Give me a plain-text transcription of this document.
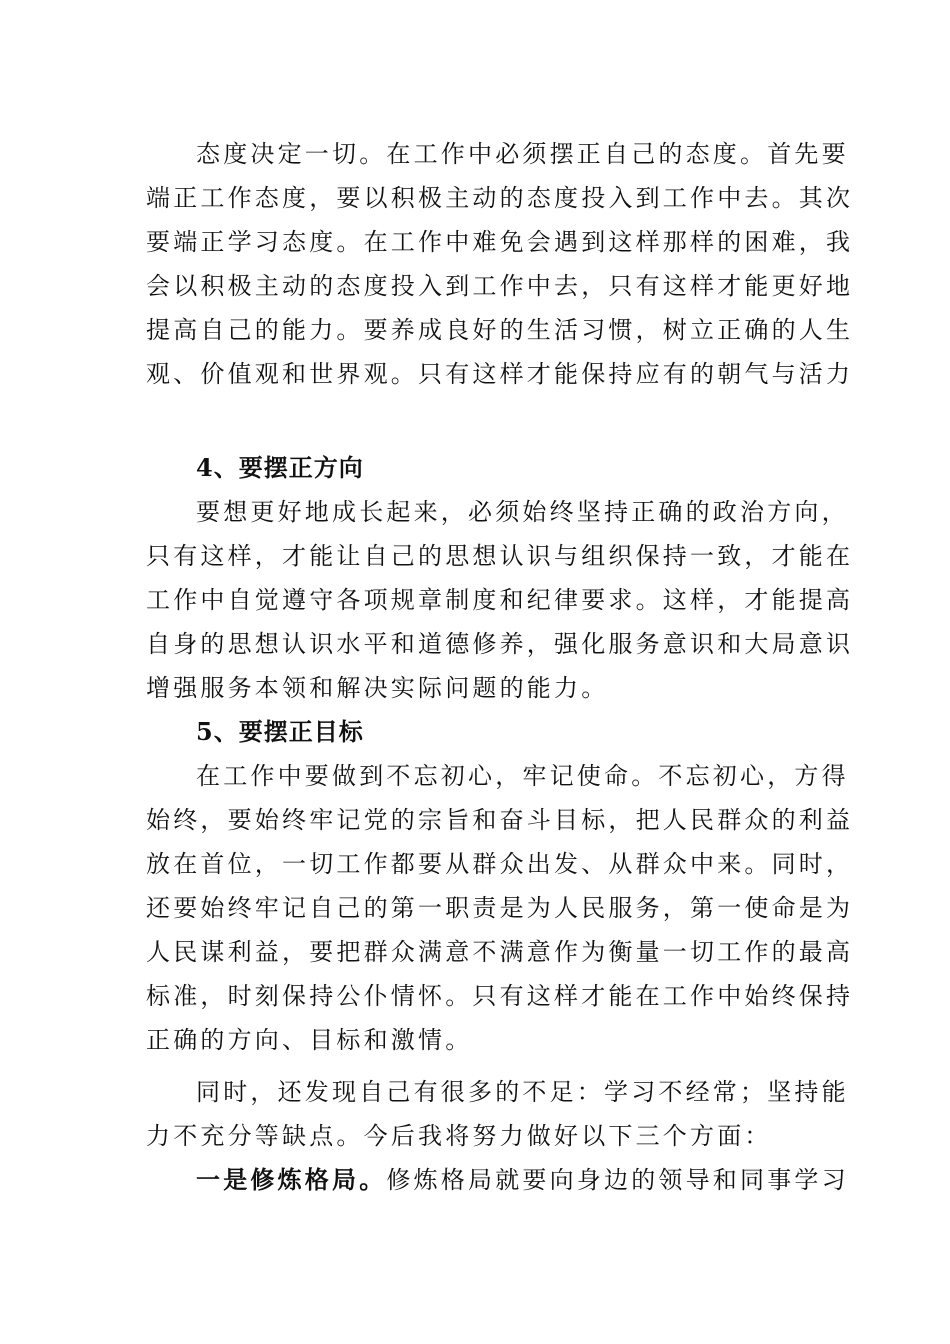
态度决定一切。在工作中必须摆正自己的态度。首先要
端正工作态度，要以积极主动的态度投入到工作中去。其次
要端正学习态度。在工作中难免会遇到这样那样的困难，我
会以积极主动的态度投入到工作中去，只有这样才能更好地
提高自己的能力。要养成良好的生活习惯，树立正确的人生
观、价值观和世界观。只有这样才能保持应有的朝气与活力
4、要摆正方向
要想更好地成长起来，必须始终坚持正确的政治方向，
只有这样，才能让自己的思想认识与组织保持一致，才能在
工作中自觉遵守各项规章制度和纪律要求。这样，才能提高
自身的思想认识水平和道德修养，强化服务意识和大局意识
增强服务本领和解决实际问题的能力。
5、要摆正目标
在工作中要做到不忘初心，牢记使命。不忘初心，方得
始终，要始终牢记党的宗旨和奋斗目标，把人民群众的利益
放在首位，一切工作都要从群众出发、从群众中来。同时，
还要始终牢记自己的第一职责是为人民服务，第一使命是为
人民谋利益，要把群众满意不满意作为衡量一切工作的最高
标准，时刻保持公仆情怀。只有这样才能在工作中始终保持
正确的方向、目标和激情。
同时，还发现自己有很多的不足：学习不经常；坚持能
力不充分等缺点。今后我将努力做好以下三个方面：
一是修炼格局。修炼格局就要向身边的领导和同事学习
